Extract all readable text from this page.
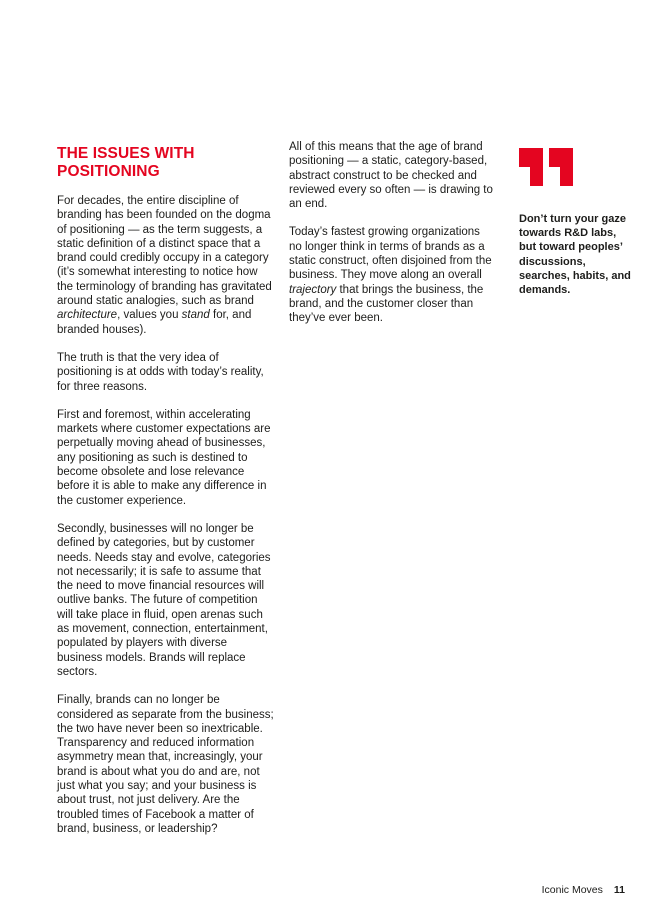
THE ISSUES WITH
POSITIONING

For decades, the entire discipline of branding has been founded on the dogma of positioning — as the term suggests, a static definition of a distinct space that a brand could credibly occupy in a category (it’s somewhat interesting to notice how the terminology of branding has gravitated around static analogies, such as brand architecture, values you stand for, and branded houses).

The truth is that the very idea of positioning is at odds with today’s reality, for three reasons.

First and foremost, within accelerating markets where customer expectations are perpetually moving ahead of businesses, any positioning as such is destined to become obsolete and lose relevance before it is able to make any difference in the customer experience.

Secondly, businesses will no longer be defined by categories, but by customer needs. Needs stay and evolve, categories not necessarily; it is safe to assume that the need to move financial resources will outlive banks. The future of competition will take place in fluid, open arenas such as movement, connection, entertainment, populated by players with diverse business models. Brands will replace sectors.

Finally, brands can no longer be considered as separate from the business; the two have never been so inextricable. Transparency and reduced information asymmetry mean that, increasingly, your brand is about what you do and are, not just what you say; and your business is about trust, not just delivery. Are the troubled times of Facebook a matter of brand, business, or leadership?

All of this means that the age of brand positioning — a static, category-based, abstract construct to be checked and reviewed every so often — is drawing to an end.

Today’s fastest growing organizations no longer think in terms of brands as a static construct, often disjoined from the business. They move along an overall trajectory that brings the business, the brand, and the customer closer than they’ve ever been.

Don’t turn your gaze towards R&D labs, but toward peoples’ discussions, searches, habits, and demands.

Iconic Moves 11
